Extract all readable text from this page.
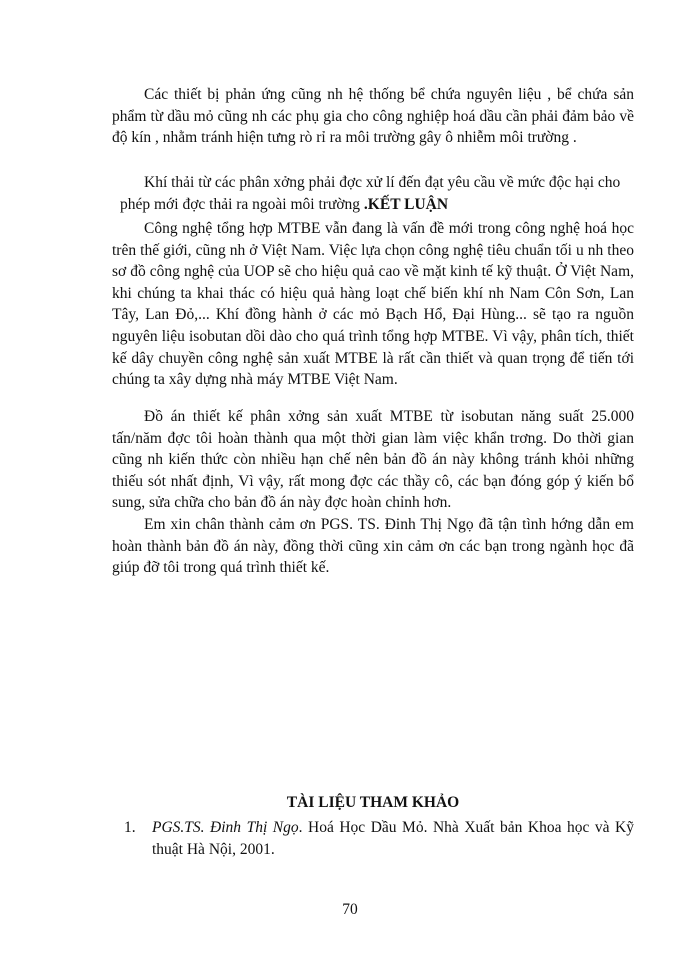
Các thiết bị phản ứng cũng nh hệ thống bể chứa nguyên liệu , bể chứa sản phẩm từ dầu mỏ cũng nh các phụ gia cho công nghiệp hoá dầu cần phải đảm bảo về độ kín , nhằm tránh hiện tưng rò rỉ ra môi trường gây ô nhiễm môi trường .

Khí thải từ các phân xởng phải đợc xử lí đến đạt yêu cầu về mức độc hại cho phép mới đợc thải ra ngoài môi trường .KẾT LUẬN

Công nghệ tổng hợp MTBE vẫn đang là vấn đề mới trong công nghệ hoá học trên thế giới, cũng nh ở Việt Nam. Việc lựa chọn công nghệ tiêu chuẩn tối u nh theo sơ đồ công nghệ của UOP sẽ cho hiệu quả cao về mặt kinh tế kỹ thuật. Ở Việt Nam, khi chúng ta khai thác có hiệu quả hàng loạt chế biến khí nh Nam Côn Sơn, Lan Tây, Lan Đỏ,... Khí đồng hành ở các mỏ Bạch Hổ, Đại Hùng... sẽ tạo ra nguồn nguyên liệu isobutan dồi dào cho quá trình tổng hợp MTBE. Vì vậy, phân tích, thiết kế dây chuyền công nghệ sản xuất MTBE là rất cần thiết và quan trọng để tiến tới chúng ta xây dựng nhà máy MTBE Việt Nam.

Đồ án thiết kế phân xởng sản xuất MTBE từ isobutan năng suất 25.000 tấn/năm đợc tôi hoàn thành qua một thời gian làm việc khẩn trơng. Do thời gian cũng nh kiến thức còn nhiều hạn chế nên bản đồ án này không tránh khỏi những thiếu sót nhất định, Vì vậy, rất mong đợc các thầy cô, các bạn đóng góp ý kiến bổ sung, sửa chữa cho bản đồ án này đợc hoàn chỉnh hơn.

Em xin chân thành cảm ơn PGS. TS. Đinh Thị Ngọ đã tận tình hớng dẫn em hoàn thành bản đồ án này, đồng thời cũng xin cảm ơn các bạn trong ngành học đã giúp đỡ tôi trong quá trình thiết kế.

TÀI LIỆU THAM KHẢO
1. PGS.TS. Đinh Thị Ngọ. Hoá Học Dầu Mỏ. Nhà Xuất bản Khoa học và Kỹ thuật Hà Nội, 2001.

70
